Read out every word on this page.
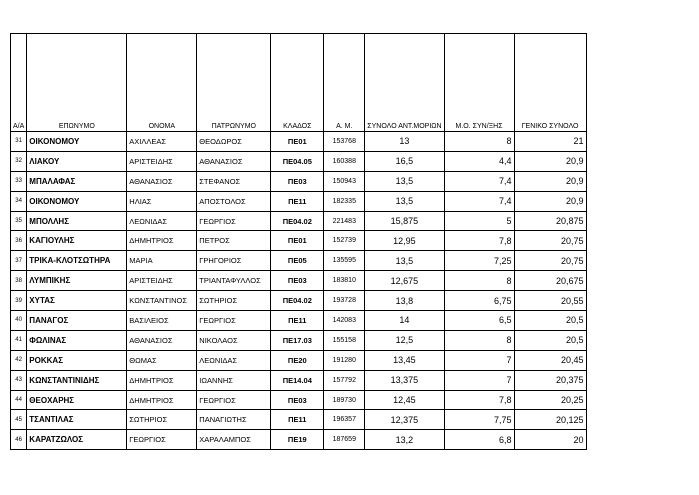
Α/Α	ΕΠΩΝΥΜΟ	ΟΝΟΜΑ	ΠΑΤΡΩΝΥΜΟ	ΚΛΑΔΟΣ	Α. Μ.	ΣΥΝΟΛΟ ΑΝΤ.ΜΟΡΙΩΝ	Μ.Ο. ΣΥΝ/ΞΗΣ	ΓΕΝΙΚΟ ΣΥΝΟΛΟ
31	ΟΙΚΟΝΟΜΟΥ	ΑΧΙΛΛΕΑΣ	ΘΕΟΔΩΡΟΣ	ΠΕ01	153768	13	8	21
32	ΛΙΑΚΟΥ	ΑΡΙΣΤΕΙΔΗΣ	ΑΘΑΝΑΣΙΟΣ	ΠΕ04.05	160388	16,5	4,4	20,9
33	ΜΠΑΛΑΦΑΣ	ΑΘΑΝΑΣΙΟΣ	ΣΤΕΦΑΝΟΣ	ΠΕ03	150943	13,5	7,4	20,9
34	ΟΙΚΟΝΟΜΟΥ	ΗΛΙΑΣ	ΑΠΟΣΤΟΛΟΣ	ΠΕ11	182335	13,5	7,4	20,9
35	ΜΠΟΛΛΗΣ	ΛΕΩΝΙΔΑΣ	ΓΕΩΡΓΙΟΣ	ΠΕ04.02	221483	15,875	5	20,875
36	ΚΑΓΙΟΥΛΗΣ	ΔΗΜΗΤΡΙΟΣ	ΠΕΤΡΟΣ	ΠΕ01	152739	12,95	7,8	20,75
37	ΤΡΙΚΑ-ΚΛΟΤΣΩΤΗΡΑ	ΜΑΡΙΑ	ΓΡΗΓΟΡΙΟΣ	ΠΕ05	135595	13,5	7,25	20,75
38	ΛΥΜΠΙΚΗΣ	ΑΡΙΣΤΕΙΔΗΣ	ΤΡΙΑΝΤΑΦΥΛΛΟΣ	ΠΕ03	183810	12,675	8	20,675
39	ΧΥΤΑΣ	ΚΩΝΣΤΑΝΤΙΝΟΣ	ΣΩΤΗΡΙΟΣ	ΠΕ04.02	193728	13,8	6,75	20,55
40	ΠΑΝΑΓΟΣ	ΒΑΣΙΛΕΙΟΣ	ΓΕΩΡΓΙΟΣ	ΠΕ11	142083	14	6,5	20,5
41	ΦΩΛΙΝΑΣ	ΑΘΑΝΑΣΙΟΣ	ΝΙΚΟΛΑΟΣ	ΠΕ17.03	155158	12,5	8	20,5
42	ΡΟΚΚΑΣ	ΘΩΜΑΣ	ΛΕΩΝΙΔΑΣ	ΠΕ20	191280	13,45	7	20,45
43	ΚΩΝΣΤΑΝΤΙΝΙΔΗΣ	ΔΗΜΗΤΡΙΟΣ	ΙΩΑΝΝΗΣ	ΠΕ14.04	157792	13,375	7	20,375
44	ΘΕΟΧΑΡΗΣ	ΔΗΜΗΤΡΙΟΣ	ΓΕΩΡΓΙΟΣ	ΠΕ03	189730	12,45	7,8	20,25
45	ΤΣΑΝΤΙΛΑΣ	ΣΩΤΗΡΙΟΣ	ΠΑΝΑΓΙΩΤΗΣ	ΠΕ11	196357	12,375	7,75	20,125
46	ΚΑΡΑΤΖΩΛΟΣ	ΓΕΩΡΓΙΟΣ	ΧΑΡΑΛΑΜΠΟΣ	ΠΕ19	187659	13,2	6,8	20
